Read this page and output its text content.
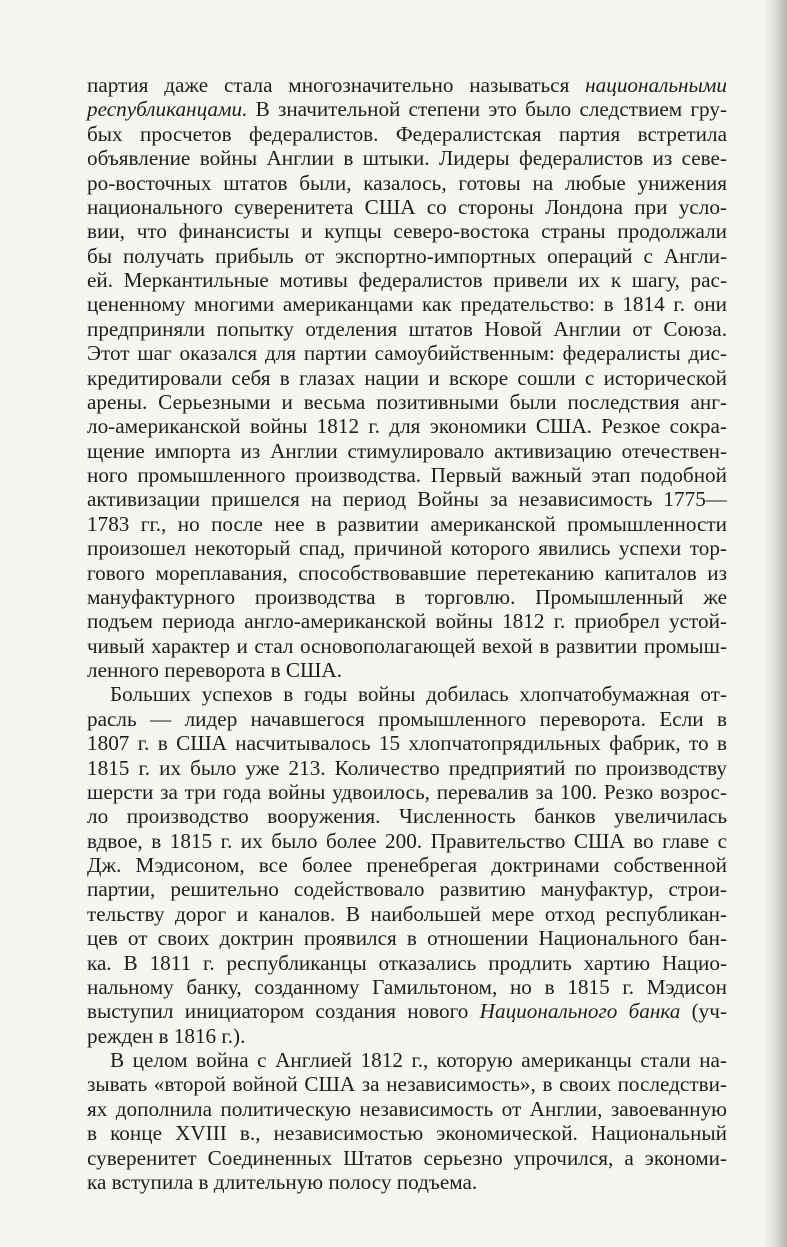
партия даже стала многозначительно называться национальными
республиканцами. В значительной степени это было следствием гру-
бых просчетов федералистов. Федералистская партия встретила
объявление войны Англии в штыки. Лидеры федералистов из севе-
ро-восточных штатов были, казалось, готовы на любые унижения
национального суверенитета США со стороны Лондона при усло-
вии, что финансисты и купцы северо-востока страны продолжали
бы получать прибыль от экспортно-импортных операций с Англи-
ей. Меркантильные мотивы федералистов привели их к шагу, рас-
цененному многими американцами как предательство: в 1814 г. они
предприняли попытку отделения штатов Новой Англии от Союза.
Этот шаг оказался для партии самоубийственным: федералисты дис-
кредитировали себя в глазах нации и вскоре сошли с исторической
арены. Серьезными и весьма позитивными были последствия анг-
ло-американской войны 1812 г. для экономики США. Резкое сокра-
щение импорта из Англии стимулировало активизацию отечествен-
ного промышленного производства. Первый важный этап подобной
активизации пришелся на период Войны за независимость 1775—
1783 гг., но после нее в развитии американской промышленности
произошел некоторый спад, причиной которого явились успехи тор-
гового мореплавания, способствовавшие перетеканию капиталов из
мануфактурного производства в торговлю. Промышленный же
подъем периода англо-американской войны 1812 г. приобрел устой-
чивый характер и стал основополагающей вехой в развитии промыш-
ленного переворота в США.
Больших успехов в годы войны добилась хлопчатобумажная от-
расль — лидер начавшегося промышленного переворота. Если в
1807 г. в США насчитывалось 15 хлопчатопрядильных фабрик, то в
1815 г. их было уже 213. Количество предприятий по производству
шерсти за три года войны удвоилось, перевалив за 100. Резко возрос-
ло производство вооружения. Численность банков увеличилась
вдвое, в 1815 г. их было более 200. Правительство США во главе с
Дж. Мэдисоном, все более пренебрегая доктринами собственной
партии, решительно содействовало развитию мануфактур, строи-
тельству дорог и каналов. В наибольшей мере отход республикан-
цев от своих доктрин проявился в отношении Национального бан-
ка. В 1811 г. республиканцы отказались продлить хартию Нацио-
нальному банку, созданному Гамильтоном, но в 1815 г. Мэдисон
выступил инициатором создания нового Национального банка (уч-
режден в 1816 г.).
В целом война с Англией 1812 г., которую американцы стали на-
зывать «второй войной США за независимость», в своих последстви-
ях дополнила политическую независимость от Англии, завоеванную
в конце XVIII в., независимостью экономической. Национальный
суверенитет Соединенных Штатов серьезно упрочился, а экономи-
ка вступила в длительную полосу подъема.
